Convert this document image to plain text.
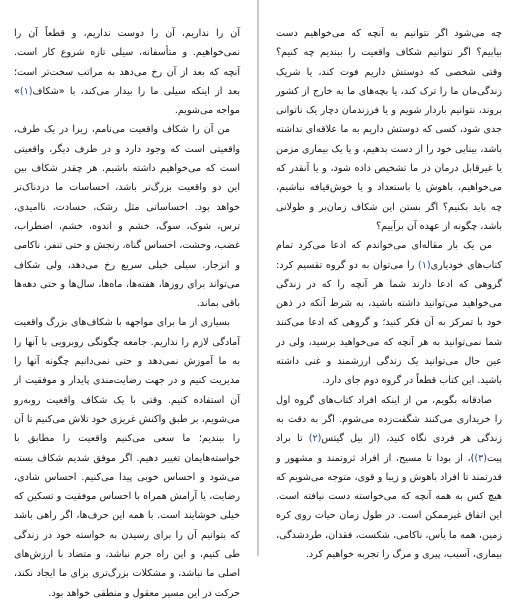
چه می‌شود اگر نتوانیم به آنچه که می‌خواهیم دست بیابیم؟ اگر نتوانیم شکاف واقعیت را ببندیم چه کنیم؟ وقتی شخصی که دوستش داریم فوت کند، یا شریک زندگی‌مان ما را ترک کند، یا بچه‌های ما به خارج از کشور بروند، نتوانیم باردار شویم و یا فرزندمان دچار یک ناتوانی جدی شود، کسی که دوستش داریم به ما علاقه‌ای نداشته باشد، بینایی خود را از دست بدهیم، و یا یک بیماری مزمن یا غیرقابل درمان در ما تشخیص داده شود، و یا آنقدر که می‌خواهیم، باهوش یا باستعداد و یا خوش‌قیافه نباشیم، چه باید بکنیم؟ اگر بستن این شکاف زمان‌بر و طولانی باشد، چگونه از عهده آن برآییم؟

من یک بار مقاله‌ای می‌خواندم که ادعا می‌کرد تمام کتاب‌های خودیاری(۱) را می‌توان به دو گروه تقسیم کرد: گروهی که ادعا دارند شما هر آنچه را که در زندگی می‌خواهید می‌توانید داشته باشید، به شرط آنکه در ذهن خود با تمرکز به آن فکر کنید؛ و گروهی که ادعا می‌کنند شما نمی‌توانید به هر آنچه که می‌خواهید برسید، ولی در عین حال می‌توانید یک زندگی ارزشمند و غنی داشته باشید. این کتاب قطعاً در گروه دوم جای دارد.

صادقانه بگویم، من از اینکه افراد کتاب‌های گروه اول را خریداری می‌کنند شگفت‌زده می‌شوم. اگر به دقت به زندگی هر فردی نگاه کنید، (از بیل گیتس(۲) تا براد پیت(۳))، از بودا تا مسیح، از افراد ثروتمند و مشهور و قدرتمند تا افراد باهوش و زیبا و قوی، متوجه می‌شویم که هیچ کس به همه آنچه که می‌خواسته دست نیافته است. این اتفاق غیرممکن است. در طول زمان حیات روی کره زمین، همه ما یأس، ناکامی، شکست، فقدان، طردشدگی، بیماری، آسیب، پیری و مرگ را تجربه خواهیم کرد.

آن را نداریم، آن را دوست نداریم، و قطعاً آن را نمی‌خواهیم. و متأسفانه، سیلی تازه شروع کار است. آنچه که بعد از آن رخ می‌دهد به مراتب سخت‌تر است؛ بعد از اینکه سیلی ما را بیدار می‌کند، با «شکاف(۱)» مواجه می‌شویم.

من آن را شکاف واقعیت می‌نامم، زیرا در یک طرف، واقعیتی است که وجود دارد و در طرف دیگر، واقعیتی است که می‌خواهیم داشته باشیم. هر چقدر شکاف بین این دو واقعیت بزرگ‌تر باشد، احساسات ما دردناک‌تر خواهد بود. احساساتی مثل رشک، حسادت، ناامیدی، ترس، شوک، سوگ، خشم و اندوه، خشم، اضطراب، غضب، وحشت، احساس گناه، رنجش و حتی تنفر، ناکامی و انزجار. سیلی خیلی سریع رخ می‌دهد، ولی شکاف می‌تواند برای روزها، هفته‌ها، ماه‌ها، سال‌ها و حتی دهه‌ها باقی بماند.

بسیاری از ما برای مواجهه با شکاف‌های بزرگ واقعیت آمادگی لازم را نداریم. جامعه چگونگی روبرویی با آنها را به ما آموزش نمی‌دهد و حتی نمی‌دانیم چگونه آنها را مدیریت کنیم و در جهت رضایت‌مندی پایدار و موفقیت از آن استفاده کنیم. وقتی با یک شکاف واقعیت روبه‌رو می‌شویم، بر طبق واکنش غریزی خود تلاش می‌کنیم تا آن را ببندیم؛ ما سعی می‌کنیم واقعیت را مطابق با خواسته‌هایمان تغییر دهیم. اگر موفق شدیم شکاف بسته می‌شود و احساس خوبی پیدا می‌کنیم. احساس شادی، رضایت، یا آرامش همراه با احساس موفقیت و تسکین که خیلی خوشایند است. با همه این حرف‌ها، اگر راهی باشد که بتوانیم آن را برای رسیدن به خواسته خود در زندگی طی کنیم، و این راه جرم نباشد، و متضاد با ارزش‌های اصلی ما نباشد، و مشکلات بزرگ‌تری برای ما ایجاد نکند، حرکت در این مسیر معقول و منطقی خواهد بود.
